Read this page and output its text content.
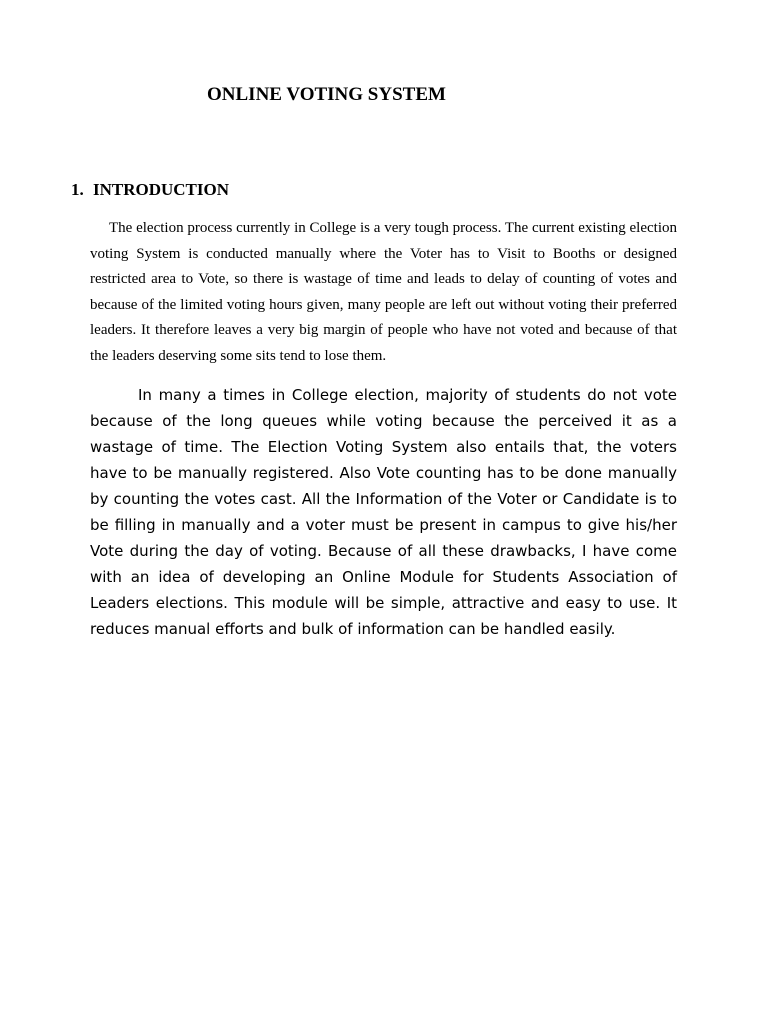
ONLINE VOTING SYSTEM
1. INTRODUCTION

The election process currently in College is a very tough process. The current existing election voting System is conducted manually where the Voter has to Visit to Booths or designed restricted area to Vote, so there is wastage of time and leads to delay of counting of votes and because of the limited voting hours given, many people are left out without voting their preferred leaders. It therefore leaves a very big margin of people who have not voted and because of that the leaders deserving some sits tend to lose them.

In many a times in College election, majority of students do not vote because of the long queues while voting because the perceived it as a wastage of time. The Election Voting System also entails that, the voters have to be manually registered. Also Vote counting has to be done manually by counting the votes cast. All the Information of the Voter or Candidate is to be filling in manually and a voter must be present in campus to give his/her Vote during the day of voting. Because of all these drawbacks, I have come with an idea of developing an Online Module for Students Association of Leaders elections. This module will be simple, attractive and easy to use. It reduces manual efforts and bulk of information can be handled easily.
